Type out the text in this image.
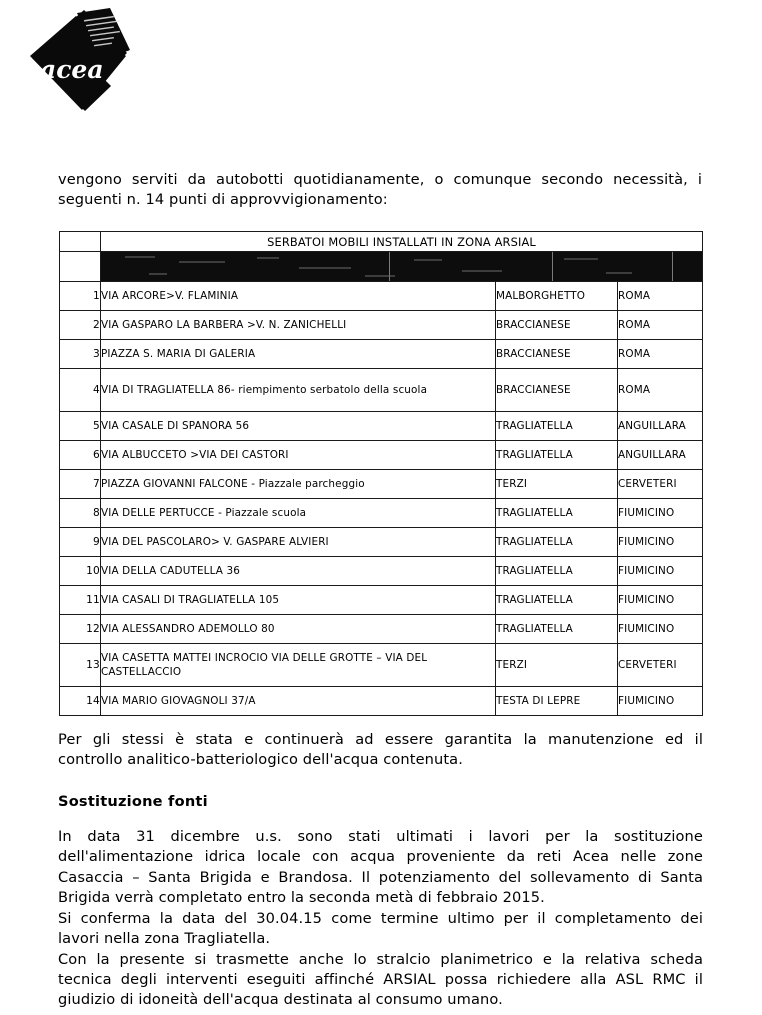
acea
vengono serviti da autobotti quotidianamente, o comunque secondo necessità, i
seguenti n. 14 punti di approvvigionamento:
	SERBATOI MOBILI INSTALLATI IN ZONA ARSIAL		

1	VIA ARCORE>V. FLAMINIA	MALBORGHETTO	ROMA
2	VIA GASPARO LA BARBERA >V. N. ZANICHELLI	BRACCIANESE	ROMA
3	PIAZZA S. MARIA DI GALERIA	BRACCIANESE	ROMA
4	VIA DI TRAGLIATELLA 86- riempimento serbatolo della scuola	BRACCIANESE	ROMA
5	VIA CASALE DI SPANORA 56	TRAGLIATELLA	ANGUILLARA
6	VIA ALBUCCETO >VIA DEI CASTORI	TRAGLIATELLA	ANGUILLARA
7	PIAZZA GIOVANNI FALCONE - Piazzale parcheggio	TERZI	CERVETERI
8	VIA DELLE PERTUCCE - Piazzale scuola	TRAGLIATELLA	FIUMICINO
9	VIA DEL PASCOLARO> V. GASPARE ALVIERI	TRAGLIATELLA	FIUMICINO
10	VIA DELLA CADUTELLA 36	TRAGLIATELLA	FIUMICINO
11	VIA CASALI DI TRAGLIATELLA 105	TRAGLIATELLA	FIUMICINO
12	VIA ALESSANDRO ADEMOLLO 80	TRAGLIATELLA	FIUMICINO
13	VIA CASETTA MATTEI INCROCIO VIA DELLE GROTTE – VIA DEL CASTELLACCIO	TERZI	CERVETERI
14	VIA MARIO GIOVAGNOLI 37/A	TESTA DI LEPRE	FIUMICINO
Per gli stessi è stata e continuerà ad essere garantita la manutenzione ed il
controllo analitico-batteriologico dell'acqua contenuta.
Sostituzione fonti
In data 31 dicembre u.s. sono stati ultimati i lavori per la sostituzione
dell'alimentazione idrica locale con acqua proveniente da reti Acea nelle zone
Casaccia – Santa Brigida e Brandosa. Il potenziamento del sollevamento di Santa
Brigida verrà completato entro la seconda metà di febbraio 2015.
Si conferma la data del 30.04.15 come termine ultimo per il completamento dei
lavori nella zona Tragliatella.
Con la presente si trasmette anche lo stralcio planimetrico e la relativa scheda
tecnica degli interventi eseguiti affinché ARSIAL possa richiedere alla ASL RMC il
giudizio di idoneità dell'acqua destinata al consumo umano.
